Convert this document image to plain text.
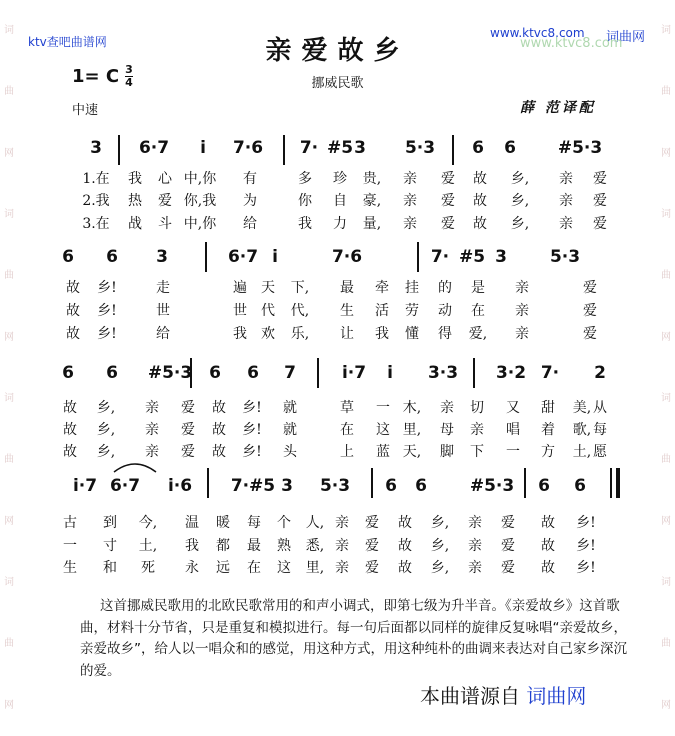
词
曲
网
词
曲
网
词
曲
网
词
曲
网
词
曲
网
词
曲
网
词
曲
网
词
曲
网
ktv查吧曲谱网
www.ktvc8.com 词曲网
www.ktvc8.com
亲爱故乡
1= C $\frac{3}{4}$	挪威民歌
中速	薛 范译配
3 6·7 i 7·6 7· #5 3 5·3 6 6 #5·3
1.在 我 心 中,你 有	多 珍 贵, 亲 爱 故 乡, 亲 爱
2.我 热 爱 你,我 为	你 自 豪, 亲 爱 故 乡, 亲 爱
3.在 战 斗 中,你 给	我 力 量, 亲 爱 故 乡, 亲 爱
6 6 3	6·7 i	7·6	7· #5 3	5·3
故 乡!	走	遍 天 下, 最 牵 挂 的 是 亲	爱
故 乡!	世	世 代 代, 生 活 劳 动 在 亲	爱
故 乡!	给	我 欢 乐, 让 我 懂 得 爱, 亲	爱
6 6 #5·3 6 6 7	i·7 i 3·3 3·2 7· 2
故 乡, 亲 爱 故 乡! 就	草 一 木, 亲 切 又 甜 美, 从
故 乡, 亲 爱 故 乡! 就	在 这 里, 母 亲 唱 着 歌, 每
故 乡, 亲 爱 故 乡! 头	上 蓝 天, 脚 下 一 方 土, 愿
i·7 6·7 i·6 7· #5 3 5·3 6 6	#5·3 6 6
古 到 今, 温 暖 每 个 人, 亲 爱 故 乡, 亲 爱 故 乡!
一 寸 土, 我 都 最 熟 悉, 亲 爱 故 乡, 亲 爱 故 乡!
生 和 死 永 远 在 这 里, 亲 爱 故 乡, 亲 爱 故 乡!
这首挪威民歌用的北欧民歌常用的和声小调式，即第七级为升半音。《亲爱故乡》这首歌曲，材料十分节省，只是重复和模拟进行。每一句后面都以同样的旋律反复咏唱“亲爱故乡，亲爱故乡”，给人以一唱众和的感觉，用这种方式，用这种纯朴的曲调来表达对自己家乡深沉的爱。
本曲谱源自 词曲网
